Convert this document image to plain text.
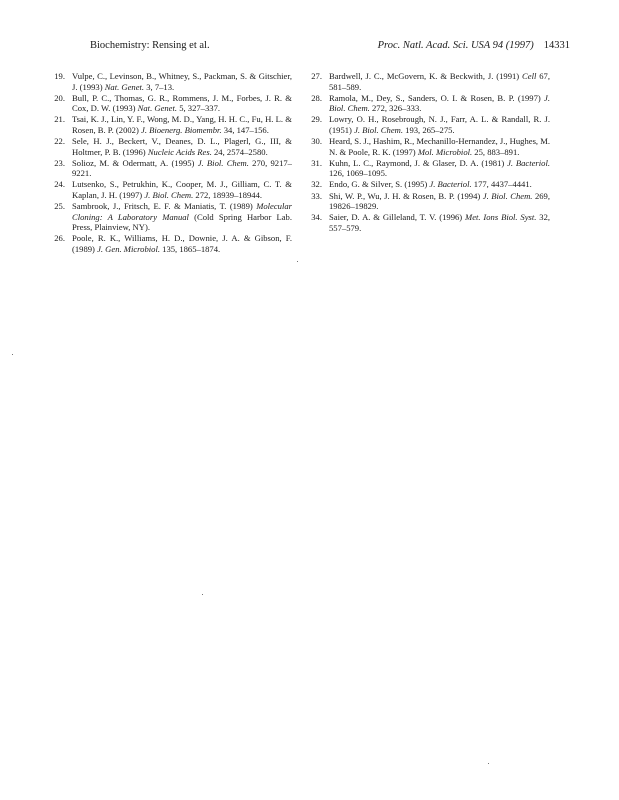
Biochemistry: Rensing et al.	Proc. Natl. Acad. Sci. USA 94 (1997) 14331
19. Vulpe, C., Levinson, B., Whitney, S., Packman, S. & Gitschier, J. (1993) Nat. Genet. 3, 7–13.
20. Bull, P. C., Thomas, G. R., Rommens, J. M., Forbes, J. R. & Cox, D. W. (1993) Nat. Genet. 5, 327–337.
21. Tsai, K. J., Lin, Y. F., Wong, M. D., Yang, H. H. C., Fu, H. L. & Rosen, B. P. (2002) J. Bioenerg. Biomembr. 34, 147–156.
22. Sele, H. J., Beckert, V., Deanes, D. L., Plagerl, G., III, & Holtmer, P. B. (1996) Nucleic Acids Res. 24, 2574–2580.
23. Solioz, M. & Odermatt, A. (1995) J. Biol. Chem. 270, 9217–9221.
24. Lutsenko, S., Petrukhin, K., Cooper, M. J., Gilliam, C. T. & Kaplan, J. H. (1997) J. Biol. Chem. 272, 18939–18944.
25. Sambrook, J., Fritsch, E. F. & Maniatis, T. (1989) Molecular Cloning: A Laboratory Manual (Cold Spring Harbor Lab. Press, Plainview, NY).
26. Poole, R. K., Williams, H. D., Downie, J. A. & Gibson, F. (1989) J. Gen. Microbiol. 135, 1865–1874.
27. Bardwell, J. C., McGovern, K. & Beckwith, J. (1991) Cell 67, 581–589.
28. Ramola, M., Dey, S., Sanders, O. I. & Rosen, B. P. (1997) J. Biol. Chem. 272, 326–333.
29. Lowry, O. H., Rosebrough, N. J., Farr, A. L. & Randall, R. J. (1951) J. Biol. Chem. 193, 265–275.
30. Heard, S. J., Hashim, R., Mechanillo-Hernandez, J., Hughes, M. N. & Poole, R. K. (1997) Mol. Microbiol. 25, 883–891.
31. Kuhn, L. C., Raymond, J. & Glaser, D. A. (1981) J. Bacteriol. 126, 1069–1095.
32. Endo, G. & Silver, S. (1995) J. Bacteriol. 177, 4437–4441.
33. Shi, W. P., Wu, J. H. & Rosen, B. P. (1994) J. Biol. Chem. 269, 19826–19829.
34. Saier, D. A. & Gilleland, T. V. (1996) Met. Ions Biol. Syst. 32, 557–579.
